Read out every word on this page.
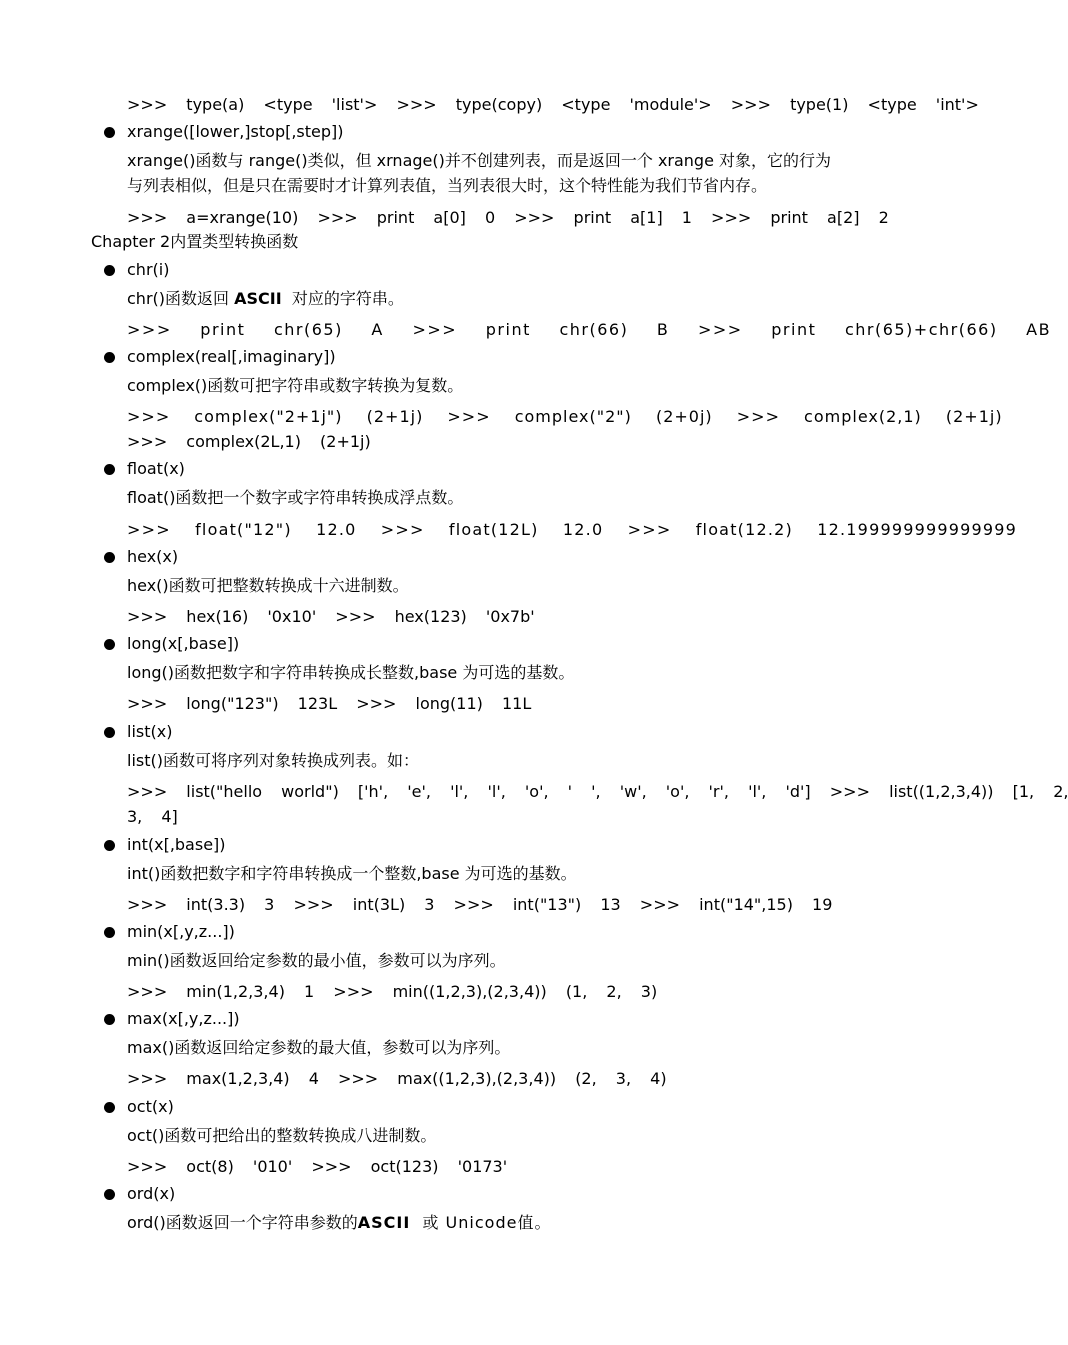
>>> type(a) <type 'list'> >>> type(copy) <type 'module'> >>> type(1) <type 'int'>
xrange([lower,]stop[,step])
xrange()函数与 range()类似，但 xrnage()并不创建列表，而是返回一个 xrange 对象，它的行为
与列表相似，但是只在需要时才计算列表值，当列表很大时，这个特性能为我们节省内存。
>>> a=xrange(10) >>> print a[0] 0 >>> print a[1] 1 >>> print a[2] 2
Chapter 2内置类型转换函数
chr(i)
chr()函数返回 ASCII  对应的字符串。
>>> print chr(65) A >>> print chr(66) B >>> print chr(65)+chr(66) AB
complex(real[,imaginary])
complex()函数可把字符串或数字转换为复数。
>>> complex("2+1j") (2+1j) >>> complex("2") (2+0j) >>> complex(2,1) (2+1j)
>>> complex(2L,1) (2+1j)
float(x)
float()函数把一个数字或字符串转换成浮点数。
>>> float("12") 12.0 >>> float(12L) 12.0 >>> float(12.2) 12.199999999999999
hex(x)
hex()函数可把整数转换成十六进制数。
>>> hex(16) '0x10' >>> hex(123) '0x7b'
long(x[,base])
long()函数把数字和字符串转换成长整数,base 为可选的基数。
>>> long("123") 123L >>> long(11) 11L
list(x)
list()函数可将序列对象转换成列表。如：
>>> list("hello world") ['h', 'e', 'l', 'l', 'o', ' ', 'w', 'o', 'r', 'l', 'd'] >>> list((1,2,3,4)) [1, 2,
3, 4]
int(x[,base])
int()函数把数字和字符串转换成一个整数,base 为可选的基数。
>>> int(3.3) 3 >>> int(3L) 3 >>> int("13") 13 >>> int("14",15) 19
min(x[,y,z...])
min()函数返回给定参数的最小值，参数可以为序列。
>>> min(1,2,3,4) 1 >>> min((1,2,3),(2,3,4)) (1, 2, 3)
max(x[,y,z...])
max()函数返回给定参数的最大值，参数可以为序列。
>>> max(1,2,3,4) 4 >>> max((1,2,3),(2,3,4)) (2, 3, 4)
oct(x)
oct()函数可把给出的整数转换成八进制数。
>>> oct(8) '010' >>> oct(123) '0173'
ord(x)
ord()函数返回一个字符串参数的ASCII  或 Unicode值。
